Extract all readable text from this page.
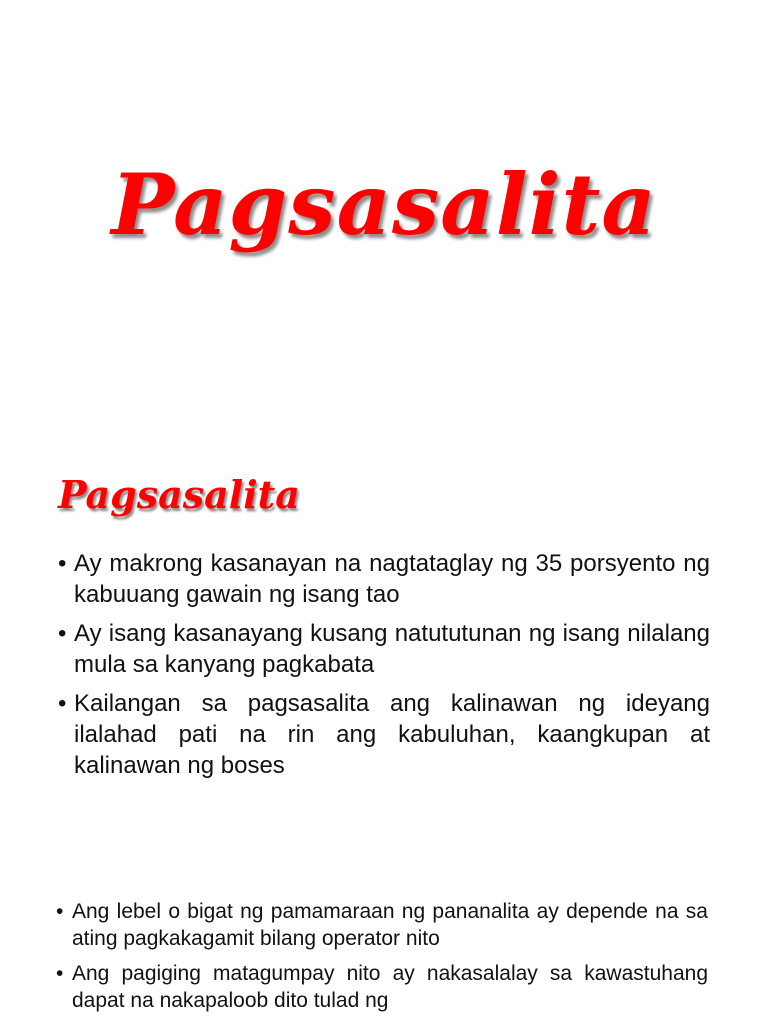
Pagsasalita
Pagsasalita
• Ay makrong kasanayan na nagtataglay ng 35 porsyento ng kabuuang gawain ng isang tao
• Ay isang kasanayang kusang natututunan ng isang nilalang mula sa kanyang pagkabata
• Kailangan sa pagsasalita ang kalinawan ng ideyang ilalahad pati na rin ang kabuluhan, kaangkupan at kalinawan ng boses
• Ang lebel o bigat ng pamamaraan ng pananalita ay depende na sa ating pagkakagamit bilang operator nito
• Ang pagiging matagumpay nito ay nakasalalay sa kawastuhang dapat na nakapaloob dito tulad ng
